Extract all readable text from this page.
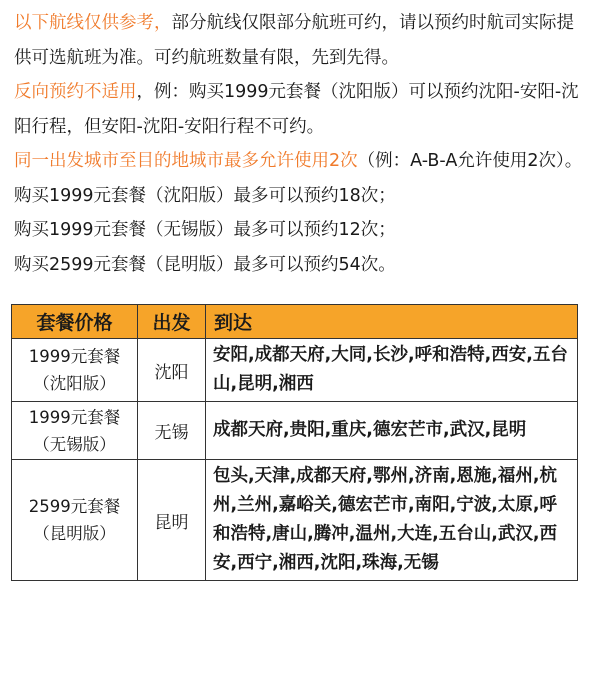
以下航线仅供参考，部分航线仅限部分航班可约，请以预约时航司实际提供可选航班为准。可约航班数量有限，先到先得。

反向预约不适用，例：购买1999元套餐（沈阳版）可以预约沈阳-安阳-沈阳行程，但安阳-沈阳-安阳行程不可约。

同一出发城市至目的地城市最多允许使用2次（例：A-B-A允许使用2次）。

购买1999元套餐（沈阳版）最多可以预约18次；

购买1999元套餐（无锡版）最多可以预约12次；

购买2599元套餐（昆明版）最多可以预约54次。

套餐价格	出发	到达

1999元套餐
（沈阳版）	沈阳	安阳,成都天府,大同,长沙,呼和浩特,西安,五台山,昆明,湘西

1999元套餐
（无锡版）	无锡	成都天府,贵阳,重庆,德宏芒市,武汉,昆明

2599元套餐
（昆明版）	昆明	包头,天津,成都天府,鄂州,济南,恩施,福州,杭州,兰州,嘉峪关,德宏芒市,南阳,宁波,太原,呼和浩特,唐山,腾冲,温州,大连,五台山,武汉,西安,西宁,湘西,沈阳,珠海,无锡
